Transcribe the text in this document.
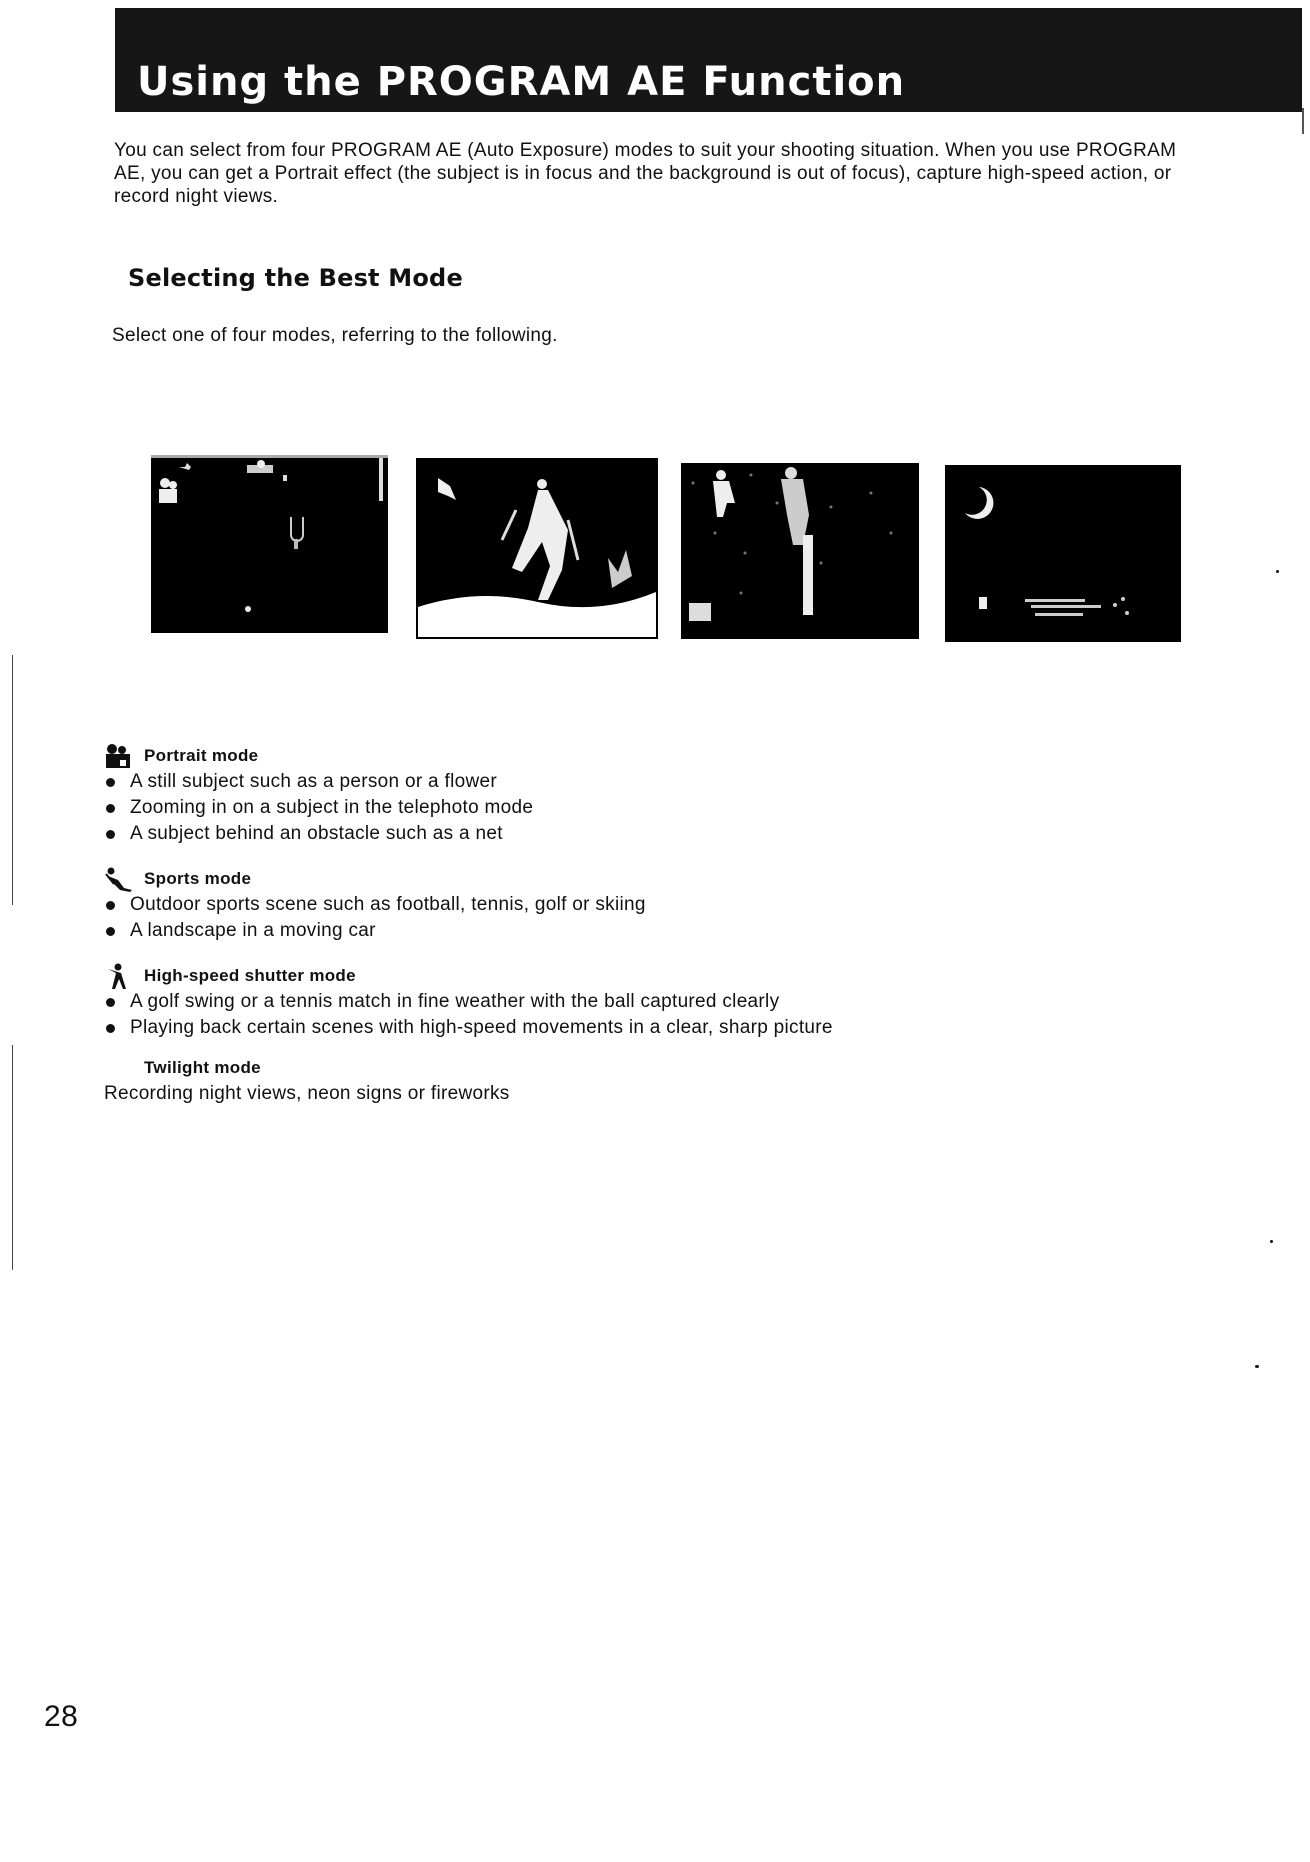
Using the PROGRAM AE Function

You can select from four PROGRAM AE (Auto Exposure) modes to suit your shooting situation. When you use PROGRAM AE, you can get a Portrait effect (the subject is in focus and the background is out of focus), capture high-speed action, or record night views.

Selecting the Best Mode

Select one of four modes, referring to the following.

Portrait mode
A still subject such as a person or a flower
Zooming in on a subject in the telephoto mode
A subject behind an obstacle such as a net
Sports mode
Outdoor sports scene such as football, tennis, golf or skiing
A landscape in a moving car
High-speed shutter mode
A golf swing or a tennis match in fine weather with the ball captured clearly
Playing back certain scenes with high-speed movements in a clear, sharp picture
Twilight mode

Recording night views, neon signs or fireworks

28
